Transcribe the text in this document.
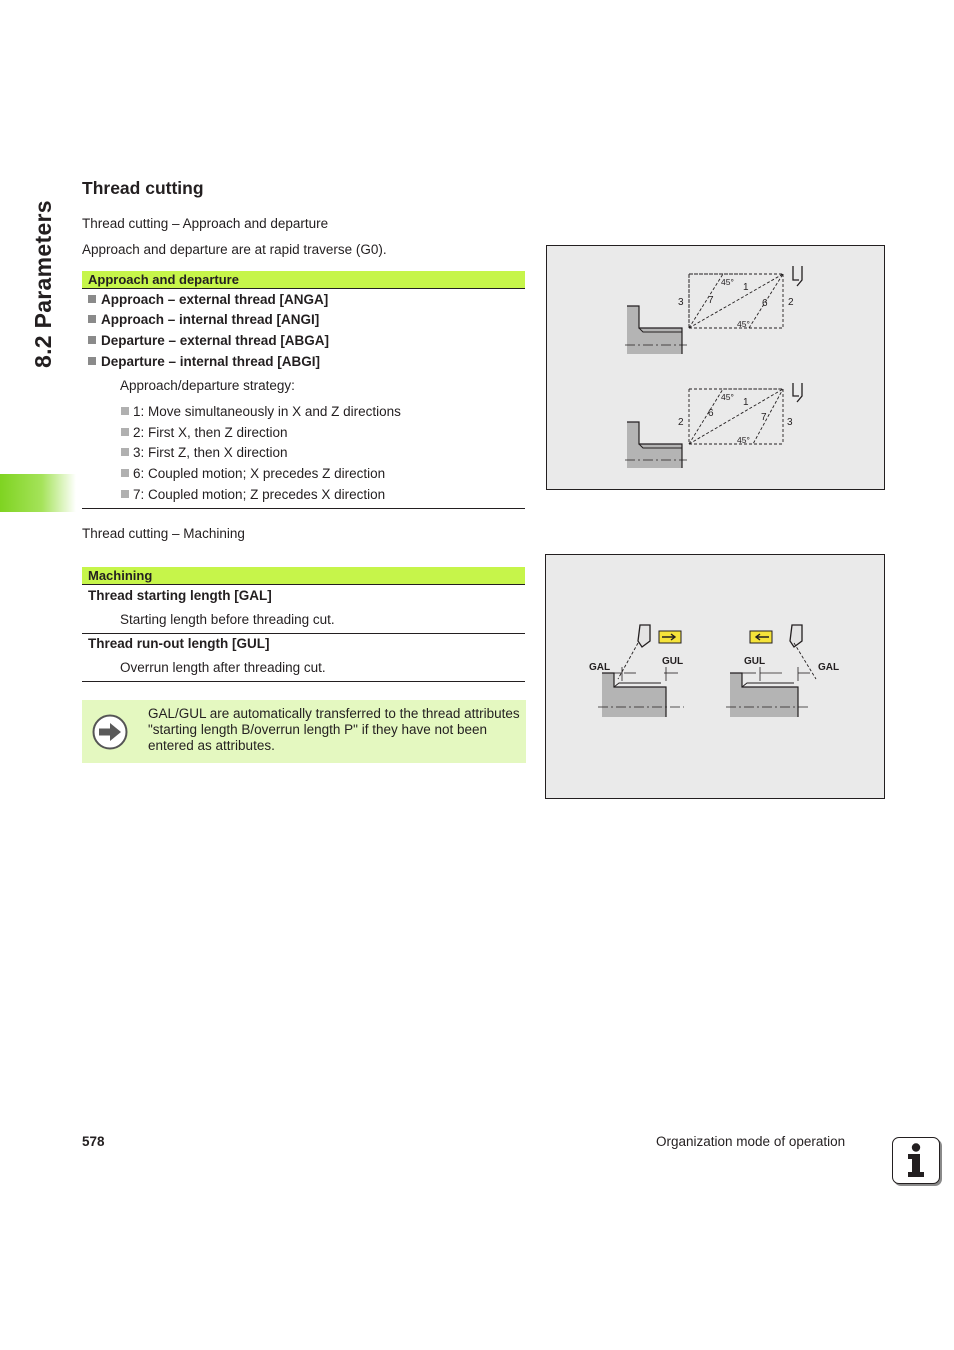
8.2 Parameters
Thread cutting

Thread cutting – Approach and departure

Approach and departure are at rapid traverse (G0).

Approach and departure
Approach – external thread [ANGA]
Approach – internal thread [ANGI]
Departure – external thread [ABGA]
Departure – internal thread [ABGI]
Approach/departure strategy:
1: Move simultaneously in X and Z directions
2: First X, then Z direction
3: First Z, then X direction
6: Coupled motion; X precedes Z direction
7: Coupled motion; Z precedes X direction

Thread cutting – Machining

Machining
Thread starting length [GAL]
Starting length before threading cut.
Thread run-out length [GUL]
Overrun length after threading cut.
GAL/GUL are automatically transferred to the thread attributes "starting length B/overrun length P" if they have not been entered as attributes.
45° 1
7	6
3	2
45°
45° 1
6	7
2	3
45°
GAL
GUL	GUL
GAL
578	Organization mode of operation
